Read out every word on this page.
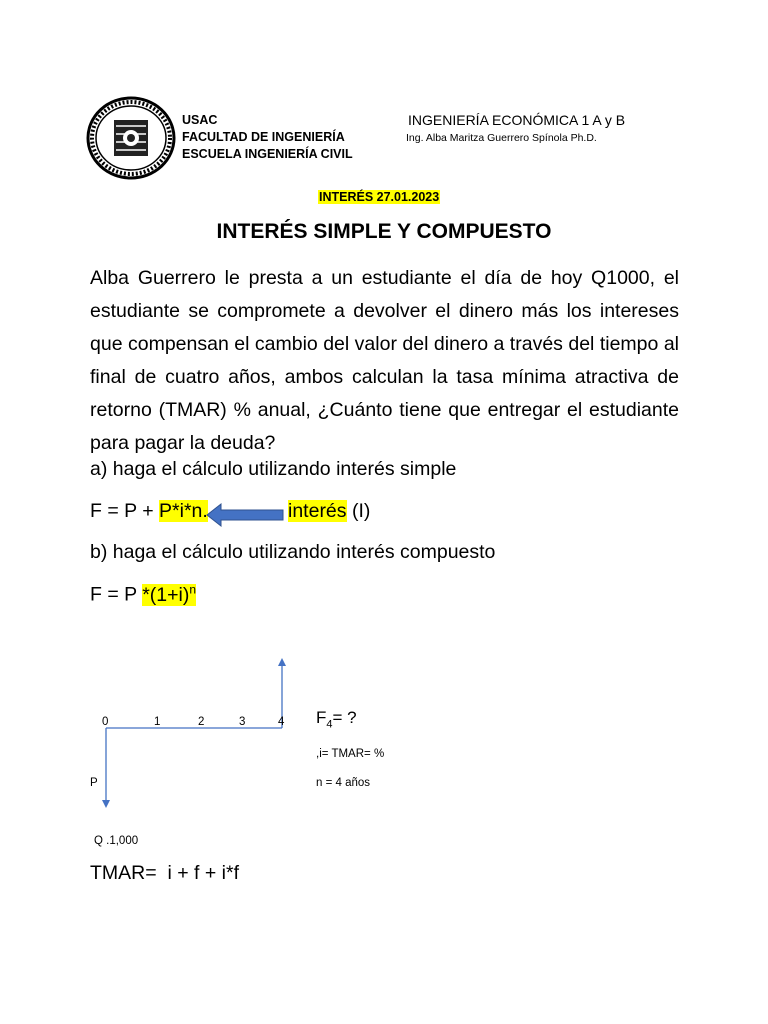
USAC
FACULTAD DE INGENIERÍA
ESCUELA INGENIERÍA CIVIL
INGENIERÍA ECONÓMICA 1 A y B
Ing. Alba Maritza Guerrero Spínola Ph.D.
INTERÉS 27.01.2023
INTERÉS SIMPLE Y COMPUESTO
Alba Guerrero le presta a un estudiante el día de hoy Q1000, el estudiante se compromete a devolver el dinero más los intereses que compensan el cambio del valor del dinero a través del tiempo al final de cuatro años, ambos calculan la tasa mínima atractiva de retorno (TMAR) % anual, ¿Cuánto tiene que entregar el estudiante para pagar la deuda?
a) haga el cálculo utilizando interés simple
F = P + P*i*n.	interés (I)
b) haga el cálculo utilizando interés compuesto
F = P $*(1+i)^n$
0	1	2	3	4
P
Q .1,000
$F_4=$ ?
,i= TMAR= %
n = 4 años
TMAR=  i + f + i*f
